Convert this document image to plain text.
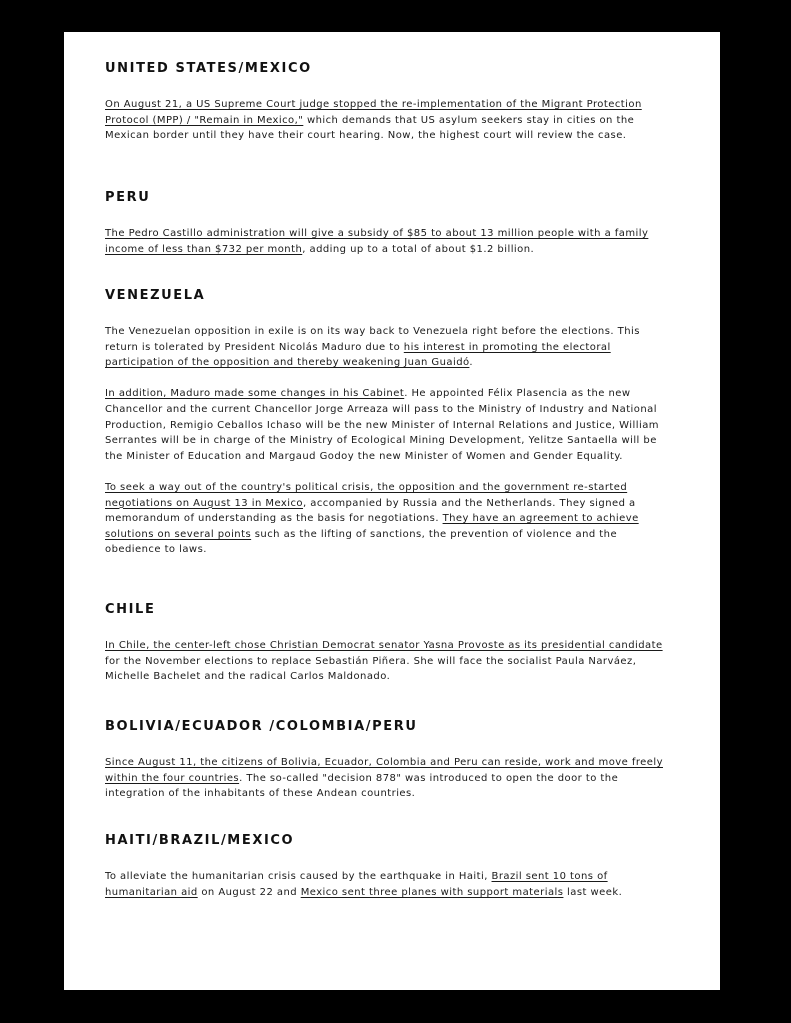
UNITED STATES/MEXICO

On August 21, a US Supreme Court judge stopped the re-implementation of the Migrant Protection Protocol (MPP) / "Remain in Mexico," which demands that US asylum seekers stay in cities on the Mexican border until they have their court hearing. Now, the highest court will review the case.

PERU

The Pedro Castillo administration will give a subsidy of $85 to about 13 million people with a family income of less than $732 per month, adding up to a total of about $1.2 billion.

VENEZUELA

The Venezuelan opposition in exile is on its way back to Venezuela right before the elections. This return is tolerated by President Nicolás Maduro due to his interest in promoting the electoral participation of the opposition and thereby weakening Juan Guaidó.

In addition, Maduro made some changes in his Cabinet. He appointed Félix Plasencia as the new Chancellor and the current Chancellor Jorge Arreaza will pass to the Ministry of Industry and National Production, Remigio Ceballos Ichaso will be the new Minister of Internal Relations and Justice, William Serrantes will be in charge of the Ministry of Ecological Mining Development, Yelitze Santaella will be the Minister of Education and Margaud Godoy the new Minister of Women and Gender Equality.

To seek a way out of the country's political crisis, the opposition and the government re-started negotiations on August 13 in Mexico, accompanied by Russia and the Netherlands. They signed a memorandum of understanding as the basis for negotiations. They have an agreement to achieve solutions on several points such as the lifting of sanctions, the prevention of violence and the obedience to laws.

CHILE

In Chile, the center-left chose Christian Democrat senator Yasna Provoste as its presidential candidate for the November elections to replace Sebastián Piñera. She will face the socialist Paula Narváez, Michelle Bachelet and the radical Carlos Maldonado.

BOLIVIA/ECUADOR /COLOMBIA/PERU

Since August 11, the citizens of Bolivia, Ecuador, Colombia and Peru can reside, work and move freely within the four countries. The so-called "decision 878" was introduced to open the door to the integration of the inhabitants of these Andean countries.

HAITI/BRAZIL/MEXICO

To alleviate the humanitarian crisis caused by the earthquake in Haiti, Brazil sent 10 tons of humanitarian aid on August 22 and Mexico sent three planes with support materials last week.
